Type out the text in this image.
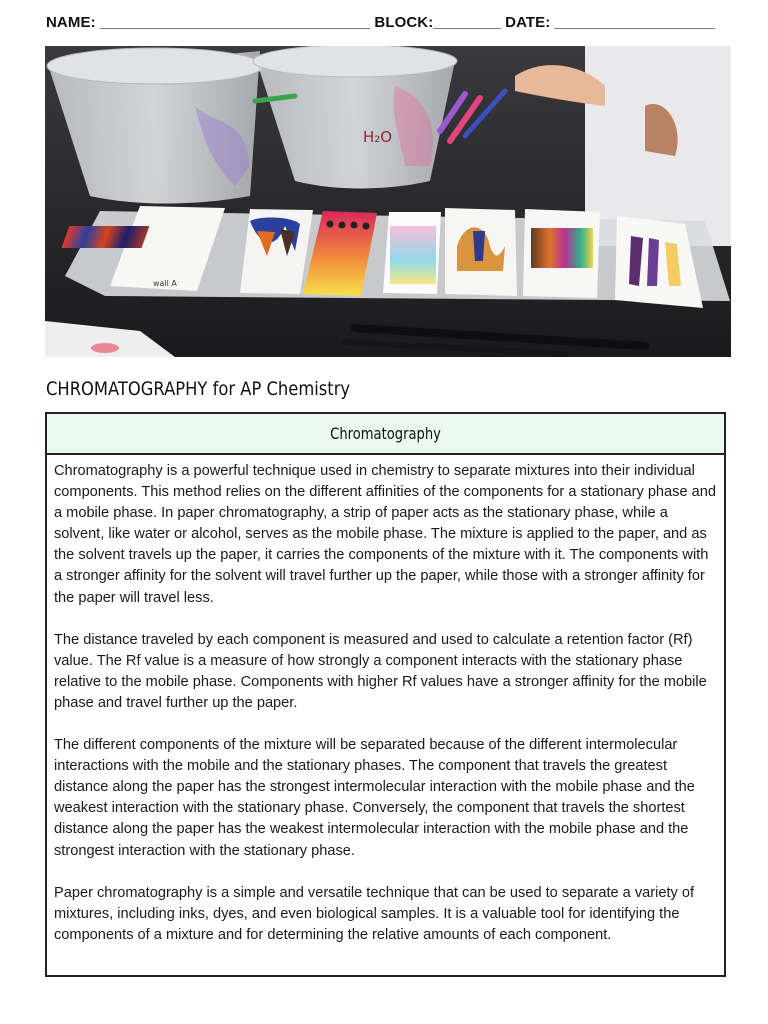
NAME: ________________________________ BLOCK:________ DATE: ___________________
H₂O
wall A
CHROMATOGRAPHY for AP Chemistry
Chromatography

Chromatography is a powerful technique used in chemistry to separate mixtures into their individual components. This method relies on the different affinities of the components for a stationary phase and a mobile phase. In paper chromatography, a strip of paper acts as the stationary phase, while a solvent, like water or alcohol, serves as the mobile phase. The mixture is applied to the paper, and as the solvent travels up the paper, it carries the components of the mixture with it. The components with a stronger affinity for the solvent will travel further up the paper, while those with a stronger affinity for the paper will travel less.

The distance traveled by each component is measured and used to calculate a retention factor (Rf) value. The Rf value is a measure of how strongly a component interacts with the stationary phase relative to the mobile phase. Components with higher Rf values have a stronger affinity for the mobile phase and travel further up the paper.

The different components of the mixture will be separated because of the different intermolecular interactions with the mobile and the stationary phases. The component that travels the greatest distance along the paper has the strongest intermolecular interaction with the mobile phase and the weakest interaction with the stationary phase. Conversely, the component that travels the shortest distance along the paper has the weakest intermolecular interaction with the mobile phase and the strongest interaction with the stationary phase.

Paper chromatography is a simple and versatile technique that can be used to separate a variety of mixtures, including inks, dyes, and even biological samples. It is a valuable tool for identifying the components of a mixture and for determining the relative amounts of each component.
